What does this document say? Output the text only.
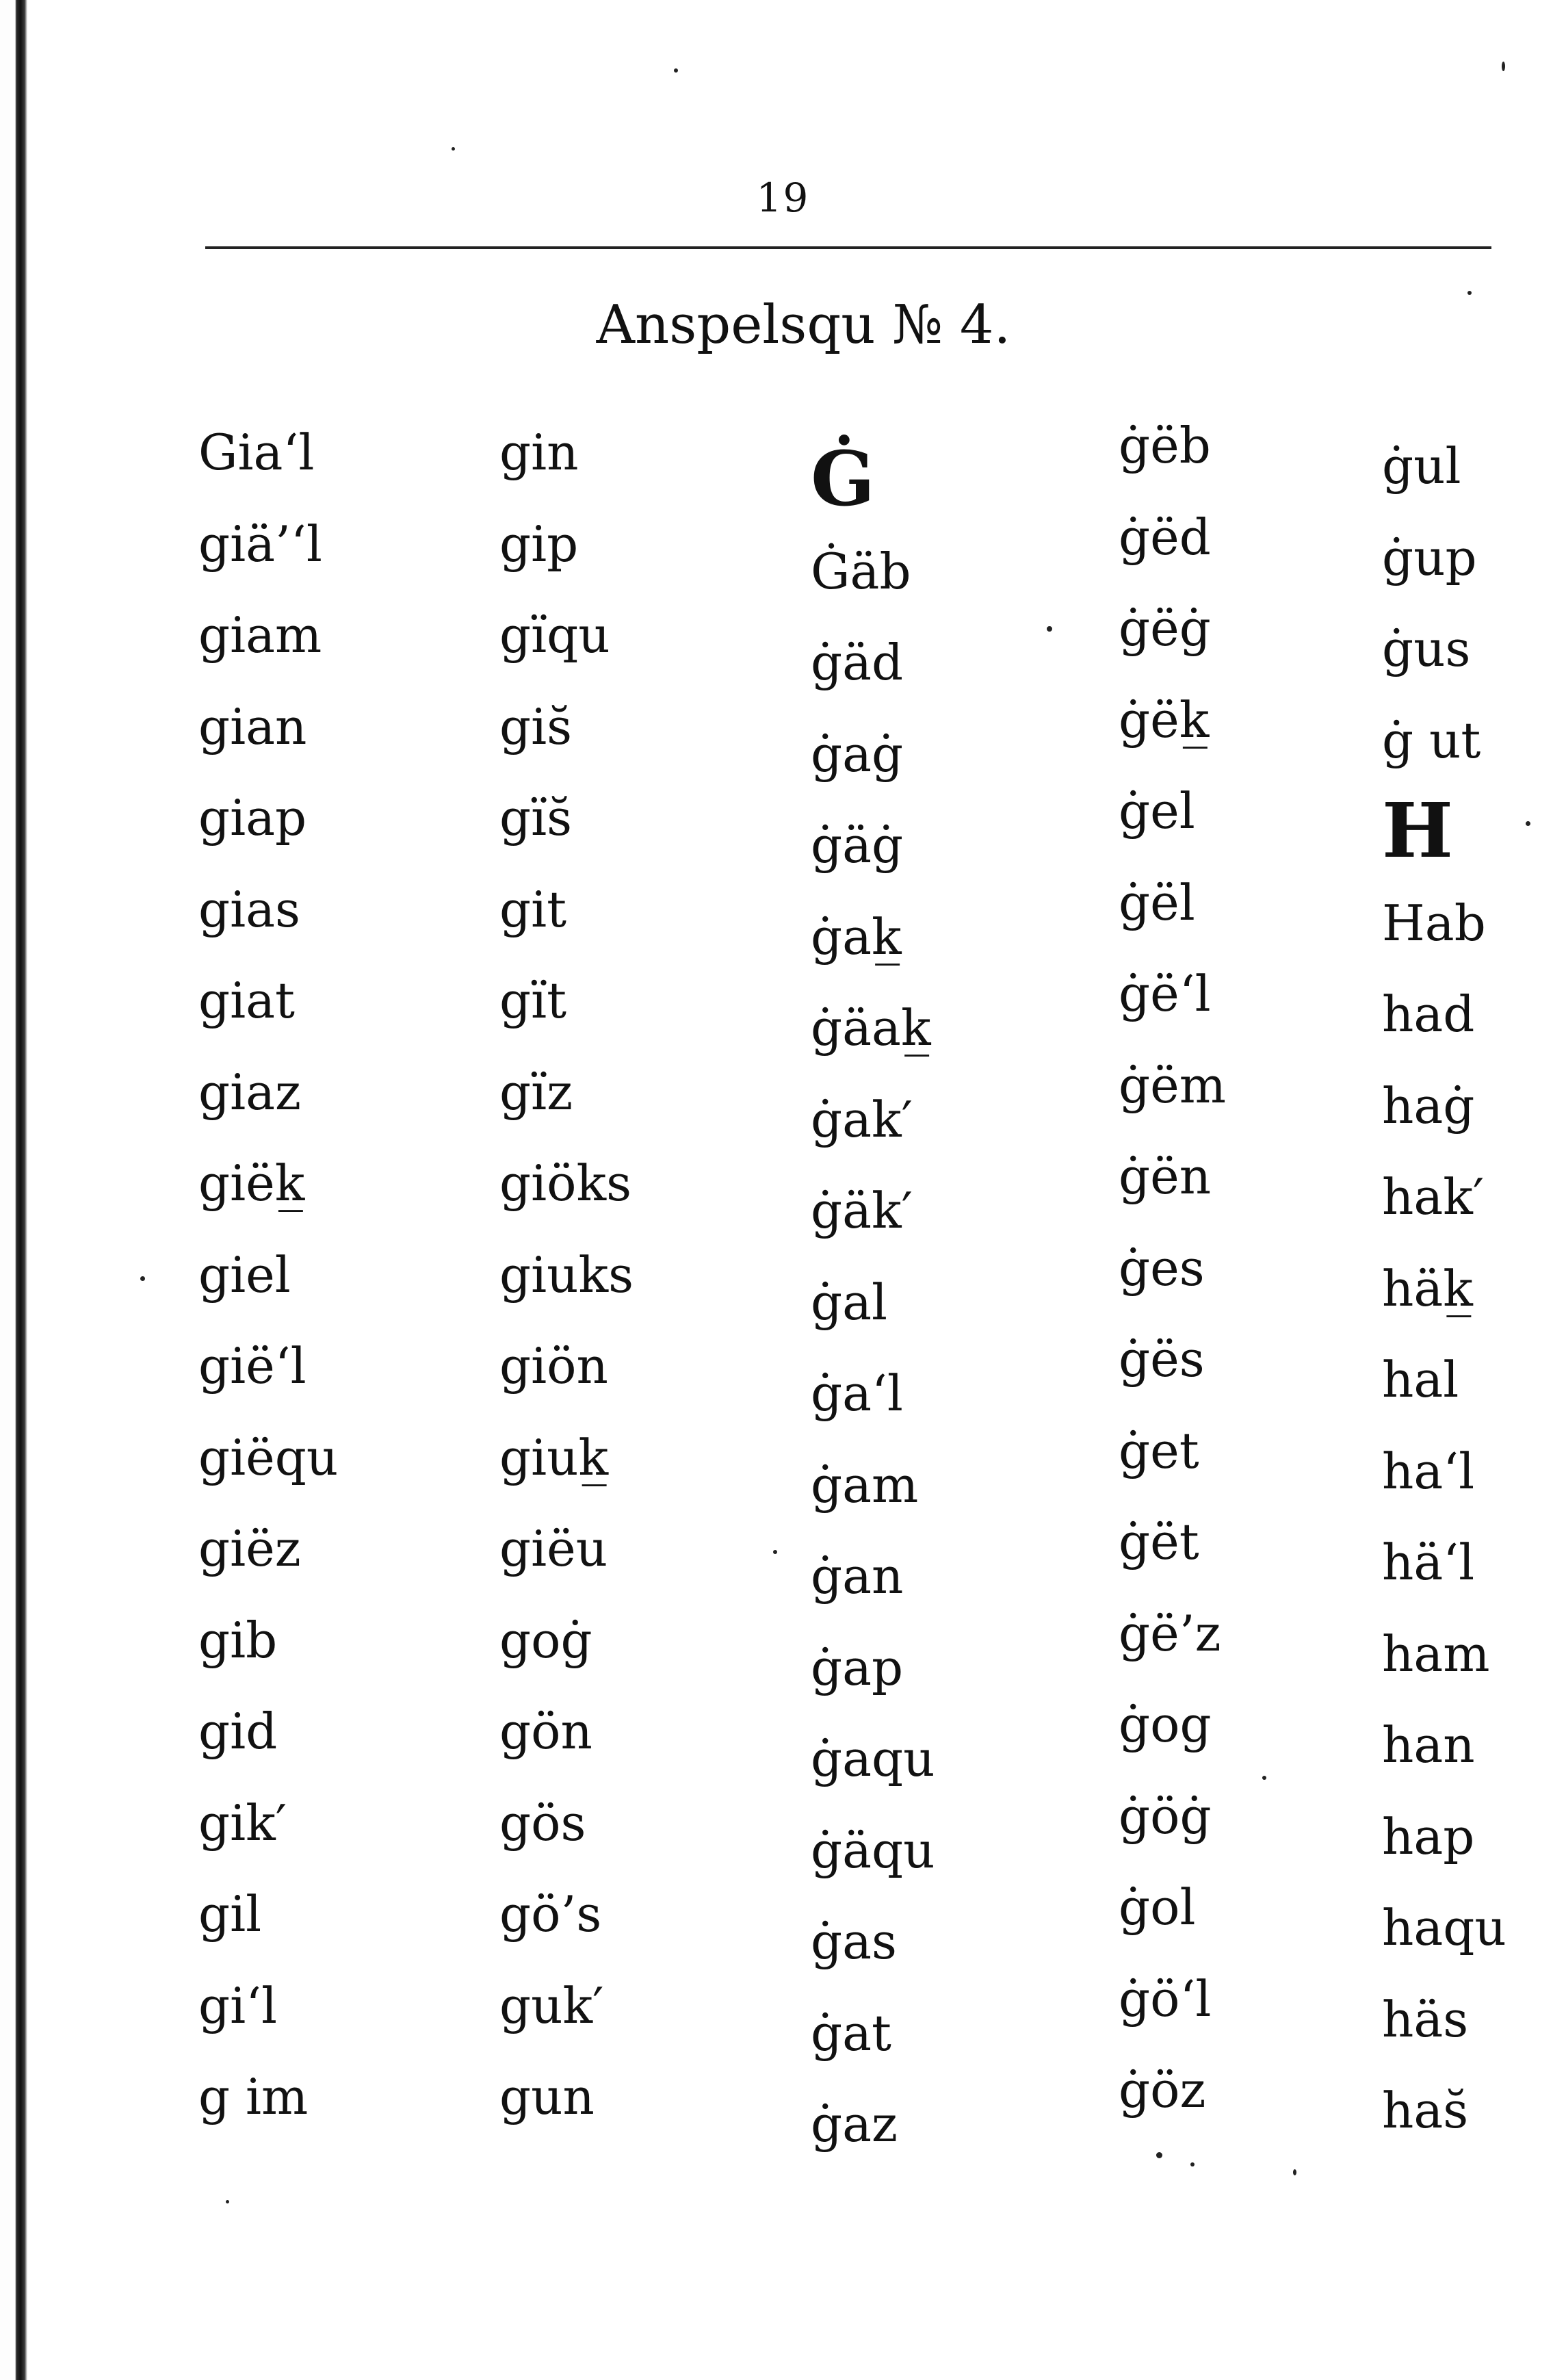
19
Anspelsqu № 4.
Gia‘l
giä’‘l
giam
gian
giap
gias
giat
giaz
giëk̲
giel
gië‘l
giëqu
giëz
gib
gid
gik′
gil
gi‘l
g im
gin
gip
gïqu
gis̆
gïs̆
git
gït
gïz
giöks
giuks
giön
giuk̲
giëu
goġ
gön
gös
gö’s
guk′
gun
Ġ
Ġäb
ġäd
ġaġ
ġäġ
ġak̲
ġäak̲
ġak′
ġäk′
ġal
ġa‘l
ġam
ġan
ġap
ġaqu
ġäqu
ġas
ġat
ġaz
ġëb
ġëd
ġëġ
ġëk̲
ġel
ġël
ġë‘l
ġëm
ġën
ġes
ġës
ġet
ġët
ġë’z
ġog
ġöġ
ġol
ġö‘l
ġöz
ġul
ġup
ġus
ġ ut
H
Hab
had
haġ
hak′
häk̲
hal
ha‘l
hä‘l
ham
han
hap
haqu
häs
has̆
